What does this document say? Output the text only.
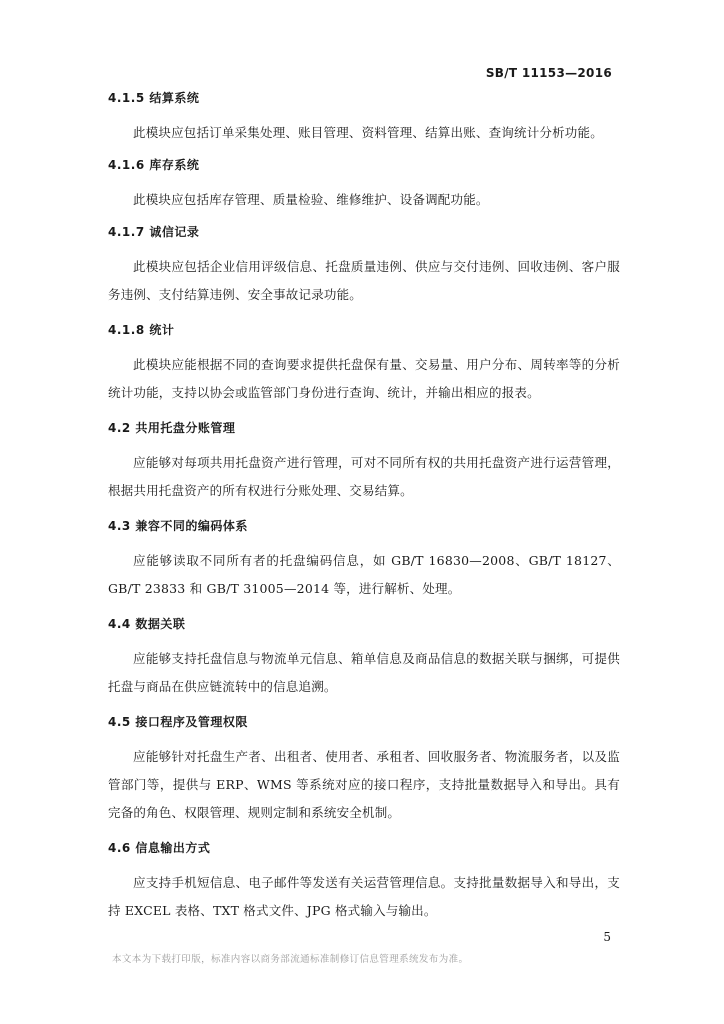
SB/T 11153—2016
4.1.5 结算系统

此模块应包括订单采集处理、账目管理、资料管理、结算出账、查询统计分析功能。

4.1.6 库存系统

此模块应包括库存管理、质量检验、维修维护、设备调配功能。

4.1.7 诚信记录

此模块应包括企业信用评级信息、托盘质量违例、供应与交付违例、回收违例、客户服务违例、支付结算违例、安全事故记录功能。

4.1.8 统计

此模块应能根据不同的查询要求提供托盘保有量、交易量、用户分布、周转率等的分析统计功能，支持以协会或监管部门身份进行查询、统计，并输出相应的报表。

4.2 共用托盘分账管理

应能够对每项共用托盘资产进行管理，可对不同所有权的共用托盘资产进行运营管理，根据共用托盘资产的所有权进行分账处理、交易结算。

4.3 兼容不同的编码体系

应能够读取不同所有者的托盘编码信息，如 GB/T 16830—2008、GB/T 18127、GB/T 23833 和 GB/T 31005—2014 等，进行解析、处理。

4.4 数据关联

应能够支持托盘信息与物流单元信息、箱单信息及商品信息的数据关联与捆绑，可提供托盘与商品在供应链流转中的信息追溯。

4.5 接口程序及管理权限

应能够针对托盘生产者、出租者、使用者、承租者、回收服务者、物流服务者，以及监管部门等，提供与 ERP、WMS 等系统对应的接口程序，支持批量数据导入和导出。具有完备的角色、权限管理、规则定制和系统安全机制。

4.6 信息输出方式

应支持手机短信息、电子邮件等发送有关运营管理信息。支持批量数据导入和导出，支持 EXCEL 表格、TXT 格式文件、JPG 格式输入与输出。

5
本文本为下载打印版，标准内容以商务部流通标准制修订信息管理系统发布为准。
